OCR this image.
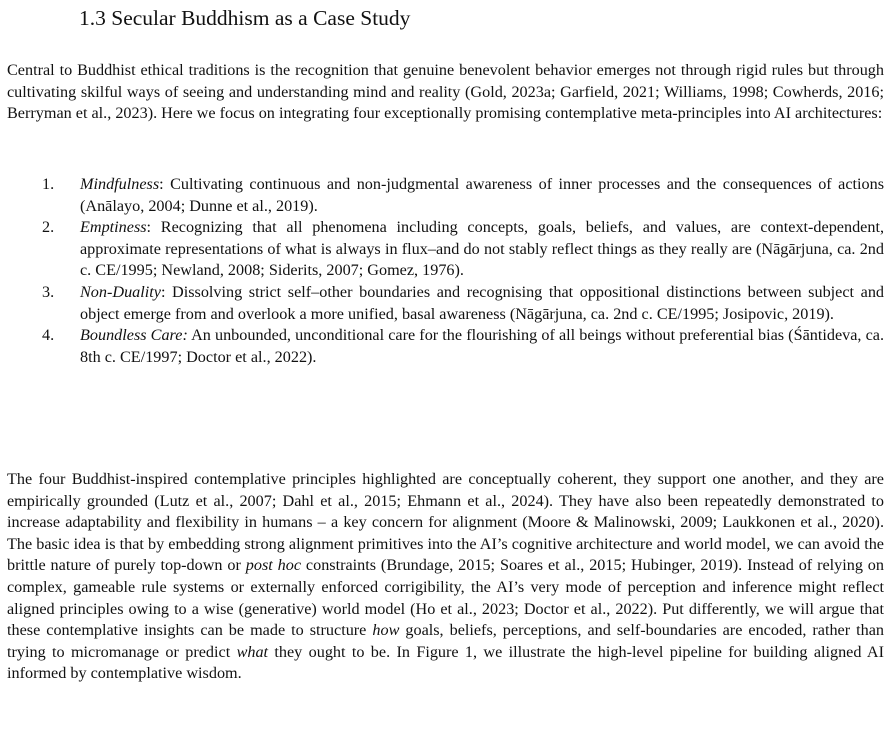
1.3 Secular Buddhism as a Case Study

Central to Buddhist ethical traditions is the recognition that genuine benevolent behavior emerges not through rigid rules but through cultivating skilful ways of seeing and understanding mind and reality (Gold, 2023a; Garfield, 2021; Williams, 1998; Cowherds, 2016; Berryman et al., 2023). Here we focus on integrating four exceptionally promising contemplative meta-principles into AI architectures:

1. Mindfulness: Cultivating continuous and non-judgmental awareness of inner processes and the consequences of actions (Anālayo, 2004; Dunne et al., 2019).
2. Emptiness: Recognizing that all phenomena including concepts, goals, beliefs, and values, are context-dependent, approximate representations of what is always in flux–and do not stably reflect things as they really are (Nāgārjuna, ca. 2nd c. CE/1995; Newland, 2008; Siderits, 2007; Gomez, 1976).
3. Non-Duality: Dissolving strict self–other boundaries and recognising that oppositional distinctions between subject and object emerge from and overlook a more unified, basal awareness (Nāgārjuna, ca. 2nd c. CE/1995; Josipovic, 2019).
4. Boundless Care: An unbounded, unconditional care for the flourishing of all beings without preferential bias (Śāntideva, ca. 8th c. CE/1997; Doctor et al., 2022).

The four Buddhist-inspired contemplative principles highlighted are conceptually coherent, they support one another, and they are empirically grounded (Lutz et al., 2007; Dahl et al., 2015; Ehmann et al., 2024). They have also been repeatedly demonstrated to increase adaptability and flexibility in humans – a key concern for alignment (Moore & Malinowski, 2009; Laukkonen et al., 2020). The basic idea is that by embedding strong alignment primitives into the AI’s cognitive architecture and world model, we can avoid the brittle nature of purely top-down or post hoc constraints (Brundage, 2015; Soares et al., 2015; Hubinger, 2019). Instead of relying on complex, gameable rule systems or externally enforced corrigibility, the AI’s very mode of perception and inference might reflect aligned principles owing to a wise (generative) world model (Ho et al., 2023; Doctor et al., 2022). Put differently, we will argue that these contemplative insights can be made to structure how goals, beliefs, perceptions, and self-boundaries are encoded, rather than trying to micromanage or predict what they ought to be. In Figure 1, we illustrate the high-level pipeline for building aligned AI informed by contemplative wisdom.
